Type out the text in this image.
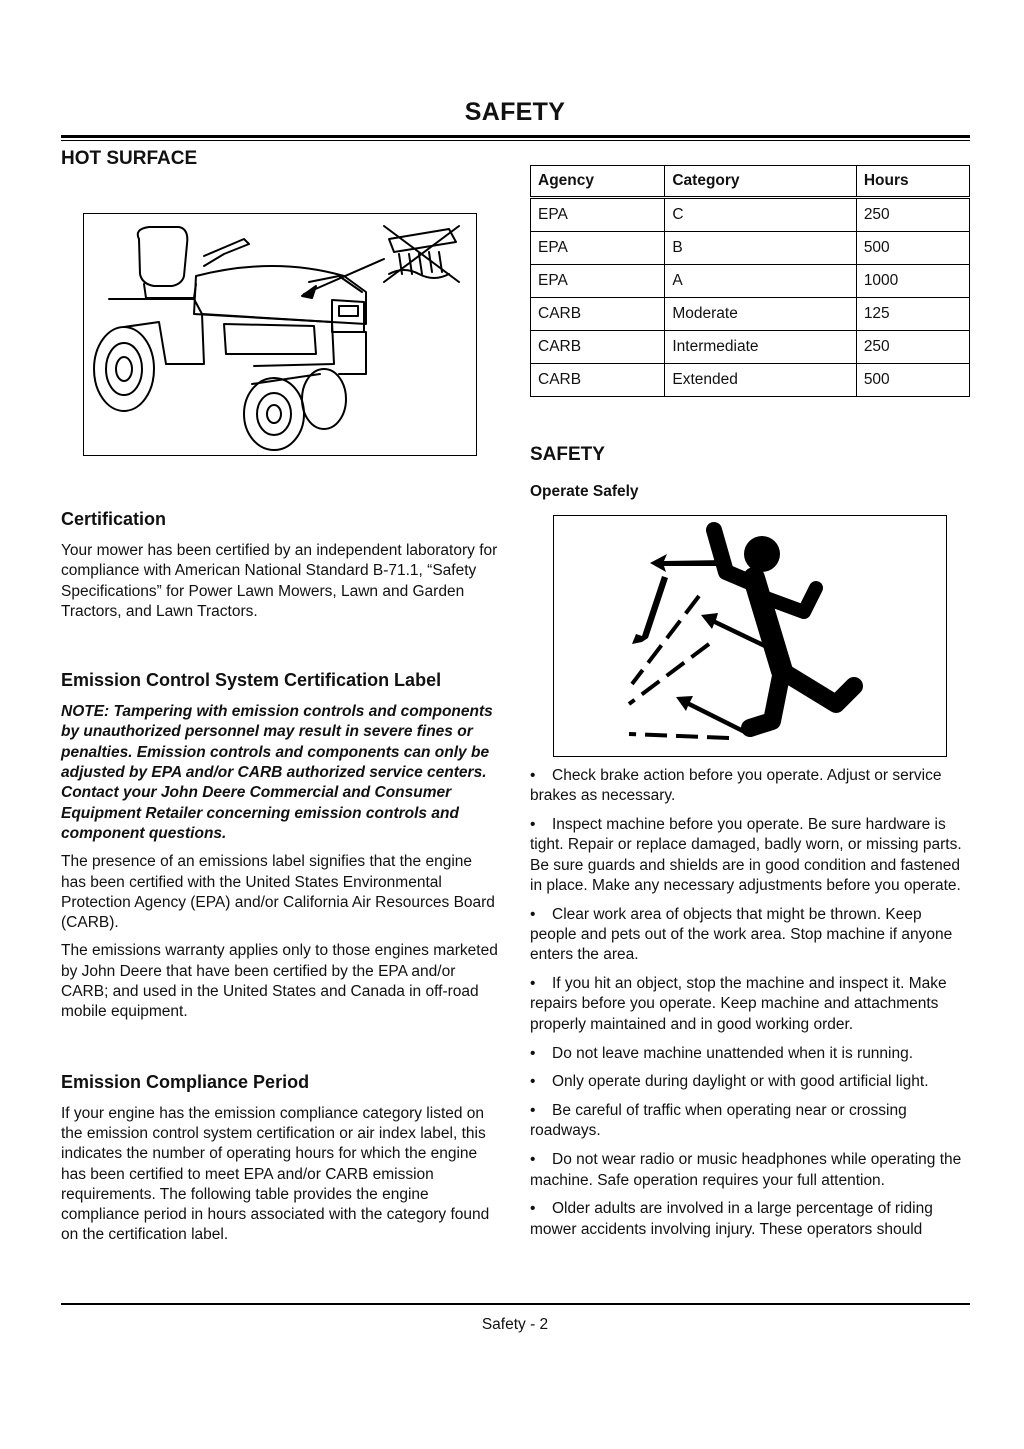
SAFETY
HOT SURFACE
Certification

Your mower has been certified by an independent laboratory for compliance with American National Standard B-71.1, “Safety Specifications” for Power Lawn Mowers, Lawn and Garden Tractors, and Lawn Tractors.

Emission Control System Certification Label

NOTE: Tampering with emission controls and components by unauthorized personnel may result in severe fines or penalties. Emission controls and components can only be adjusted by EPA and/or CARB authorized service centers. Contact your John Deere Commercial and Consumer Equipment Retailer concerning emission controls and component questions.

The presence of an emissions label signifies that the engine has been certified with the United States Environmental Protection Agency (EPA) and/or California Air Resources Board (CARB).

The emissions warranty applies only to those engines marketed by John Deere that have been certified by the EPA and/or CARB; and used in the United States and Canada in off-road mobile equipment.

Emission Compliance Period

If your engine has the emission compliance category listed on the emission control system certification or air index label, this indicates the number of operating hours for which the engine has been certified to meet EPA and/or CARB emission requirements. The following table provides the engine compliance period in hours associated with the category found on the certification label.

Agency	Category	Hours
EPA	C	250
EPA	B	500
EPA	A	1000
CARB	Moderate	125
CARB	Intermediate	250
CARB	Extended	500
SAFETY
Operate Safely
• Check brake action before you operate. Adjust or service brakes as necessary.
• Inspect machine before you operate. Be sure hardware is tight. Repair or replace damaged, badly worn, or missing parts. Be sure guards and shields are in good condition and fastened in place. Make any necessary adjustments before you operate.
• Clear work area of objects that might be thrown. Keep people and pets out of the work area. Stop machine if anyone enters the area.
• If you hit an object, stop the machine and inspect it. Make repairs before you operate. Keep machine and attachments properly maintained and in good working order.
• Do not leave machine unattended when it is running.
• Only operate during daylight or with good artificial light.
• Be careful of traffic when operating near or crossing roadways.
• Do not wear radio or music headphones while operating the machine. Safe operation requires your full attention.
• Older adults are involved in a large percentage of riding mower accidents involving injury. These operators should
Safety - 2
